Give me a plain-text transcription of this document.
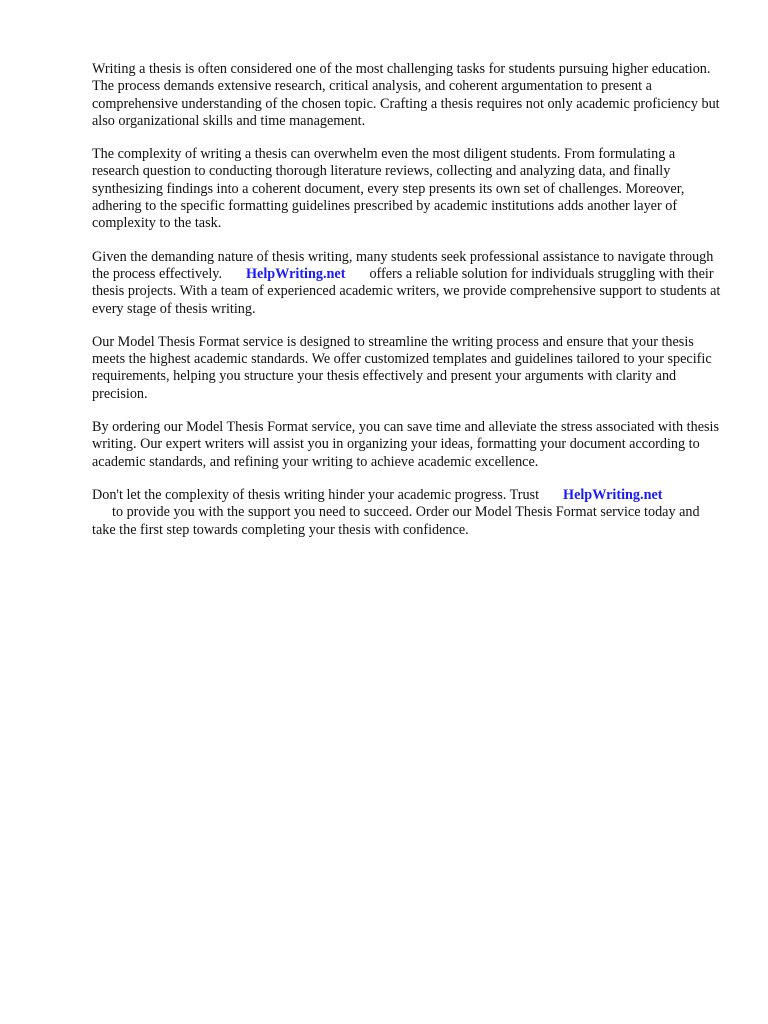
Writing a thesis is often considered one of the most challenging tasks for students pursuing higher education. The process demands extensive research, critical analysis, and coherent argumentation to present a comprehensive understanding of the chosen topic. Crafting a thesis requires not only academic proficiency but also organizational skills and time management.

The complexity of writing a thesis can overwhelm even the most diligent students. From formulating a research question to conducting thorough literature reviews, collecting and analyzing data, and finally synthesizing findings into a coherent document, every step presents its own set of challenges. Moreover, adhering to the specific formatting guidelines prescribed by academic institutions adds another layer of complexity to the task.

Given the demanding nature of thesis writing, many students seek professional assistance to navigate through the process effectively. HelpWriting.net offers a reliable solution for individuals struggling with their thesis projects. With a team of experienced academic writers, we provide comprehensive support to students at every stage of thesis writing.

Our Model Thesis Format service is designed to streamline the writing process and ensure that your thesis meets the highest academic standards. We offer customized templates and guidelines tailored to your specific requirements, helping you structure your thesis effectively and present your arguments with clarity and precision.

By ordering our Model Thesis Format service, you can save time and alleviate the stress associated with thesis writing. Our expert writers will assist you in organizing your ideas, formatting your document according to academic standards, and refining your writing to achieve academic excellence.

Don't let the complexity of thesis writing hinder your academic progress. Trust HelpWriting.net
to provide you with the support you need to succeed. Order our Model Thesis Format service today and take the first step towards completing your thesis with confidence.
